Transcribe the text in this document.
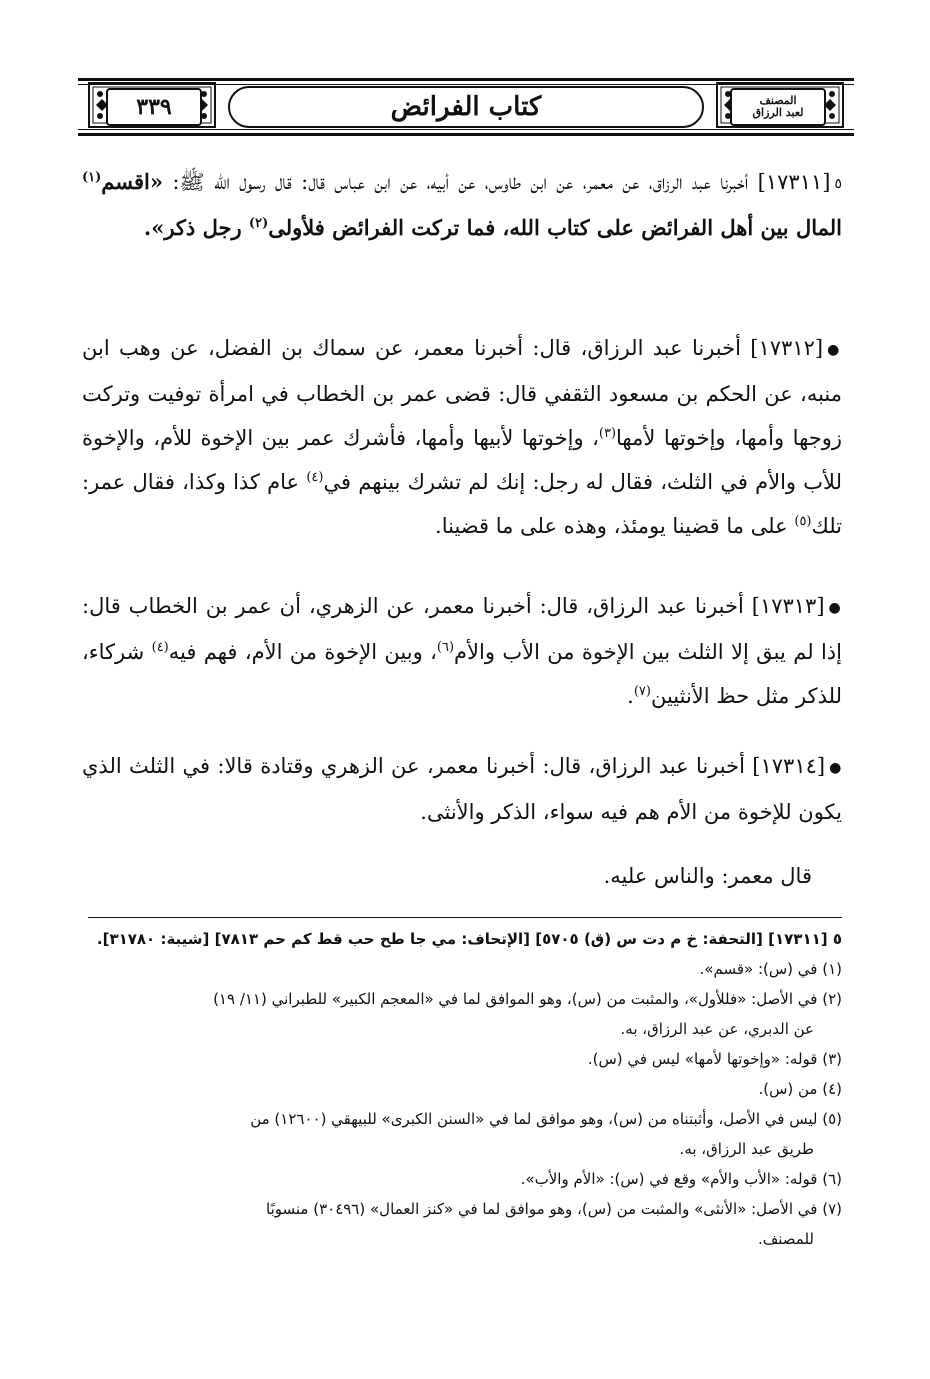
٣٣٩	كتاب الفرائض	المصنف
لعبد الرزاق
٥[١٧٣١١] أخبرنا عبد الرزاق، عن معمر، عن ابن طاوس، عن أبيه، عن ابن عباس قال: قال رسول الله ﷺ: «اقسم$^{(١)}$ المال بين أهل الفرائض على كتاب الله، فما تركت الفرائض فلأولى$^{(٢)}$ رجل ذكر».
●[١٧٣١٢] أخبرنا عبد الرزاق، قال: أخبرنا معمر، عن سماك بن الفضل، عن وهب ابن منبه، عن الحكم بن مسعود الثقفي قال: قضى عمر بن الخطاب في امرأة توفيت وتركت زوجها وأمها، وإخوتها لأمها$^{(٣)}$، وإخوتها لأبيها وأمها، فأشرك عمر بين الإخوة للأم، والإخوة للأب والأم في الثلث، فقال له رجل: إنك لم تشرك بينهم في$^{(٤)}$ عام كذا وكذا، فقال عمر: تلك$^{(٥)}$ على ما قضينا يومئذ، وهذه على ما قضينا.
●[١٧٣١٣] أخبرنا عبد الرزاق، قال: أخبرنا معمر، عن الزهري، أن عمر بن الخطاب قال: إذا لم يبق إلا الثلث بين الإخوة من الأب والأم$^{(٦)}$، وبين الإخوة من الأم، فهم فيه$^{(٤)}$ شركاء، للذكر مثل حظ الأنثيين$^{(٧)}$.
●[١٧٣١٤] أخبرنا عبد الرزاق، قال: أخبرنا معمر، عن الزهري وقتادة قالا: في الثلث الذي يكون للإخوة من الأم هم فيه سواء، الذكر والأنثى.
قال معمر: والناس عليه.

٥ [١٧٣١١] [التحفة: خ م دت س (ق) ٥٧٠٥] [الإتحاف: مي جا طح حب قط كم حم ٧٨١٣] [شيبة: ٣١٧٨٠].

(١) في (س): «قسم».

(٢) في الأصل: «فللأول»، والمثبت من (س)، وهو الموافق لما في «المعجم الكبير» للطبراني (١١/ ١٩)
عن الدبري، عن عبد الرزاق، به.

(٣) قوله: «وإخوتها لأمها» ليس في (س).

(٤) من (س).

(٥) ليس في الأصل، وأثبتناه من (س)، وهو موافق لما في «السنن الكبرى» للبيهقي (١٢٦٠٠) من
طريق عبد الرزاق، به.

(٦) قوله: «الأب والأم» وقع في (س): «الأم والأب».

(٧) في الأصل: «الأنثى» والمثبت من (س)، وهو موافق لما في «كنز العمال» (٣٠٤٩٦) منسوبًا
للمصنف.
